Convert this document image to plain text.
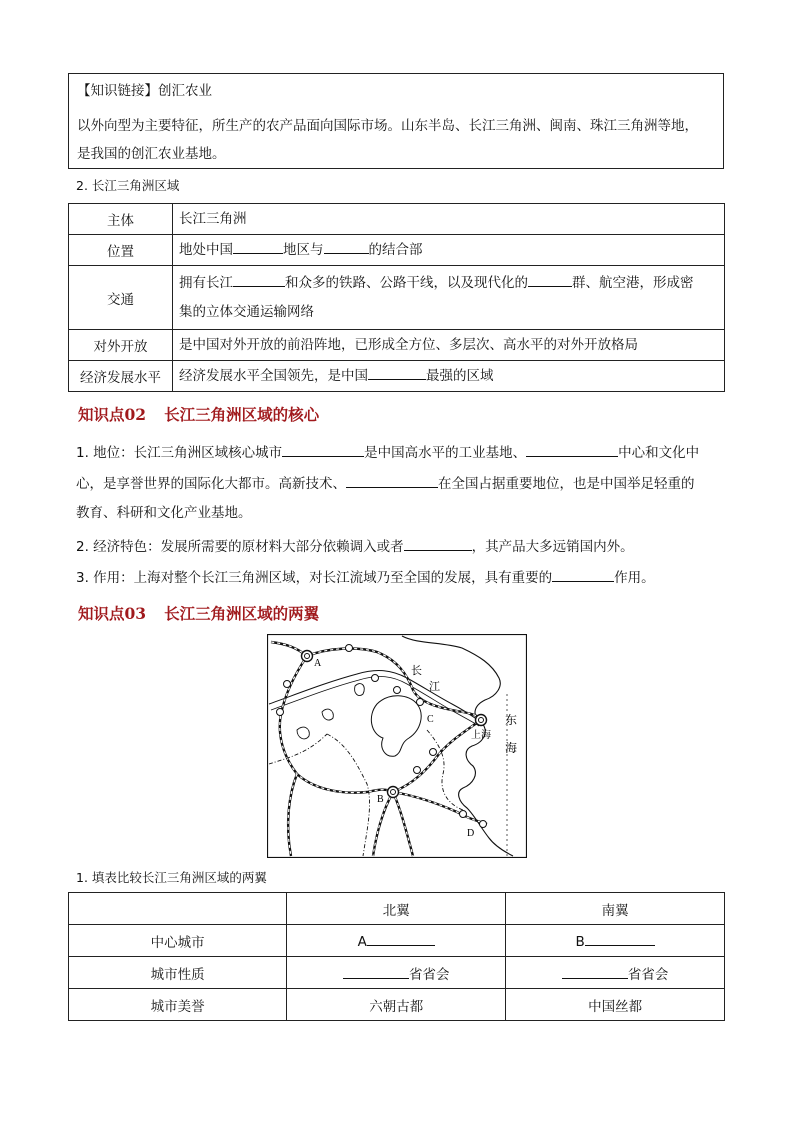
【知识链接】创汇农业
以外向型为主要特征，所生产的农产品面向国际市场。山东半岛、长江三角洲、闽南、珠江三角洲等地，
是我国的创汇农业基地。
2. 长江三角洲区域
主体	长江三角洲
位置	地处中国 地区与 的结合部
交通	拥有长江 和众多的铁路、公路干线，以及现代化的 群、航空港，形成密
集的立体交通运输网络
对外开放	是中国对外开放的前沿阵地，已形成全方位、多层次、高水平的对外开放格局
经济发展水平	经济发展水平全国领先，是中国 最强的区域
知识点02 长江三角洲区域的核心
1. 地位：长江三角洲区域核心城市	是中国高水平的工业基地、	中心和文化中
心，是享誉世界的国际化大都市。高新技术、	在全国占据重要地位，也是中国举足轻重的
教育、科研和文化产业基地。
2. 经济特色：发展所需要的原材料大部分依赖调入或者	，其产品大多远销国内外。
3. 作用：上海对整个长江三角洲区域，对长江流域乃至全国的发展，具有重要的	作用。
知识点03 长江三角洲区域的两翼
A
B
C
D
上海
长
江
东
海
1. 填表比较长江三角洲区域的两翼
	北翼	南翼
中心城市	A	B
城市性质	省省会	省省会
城市美誉	六朝古都	中国丝都
